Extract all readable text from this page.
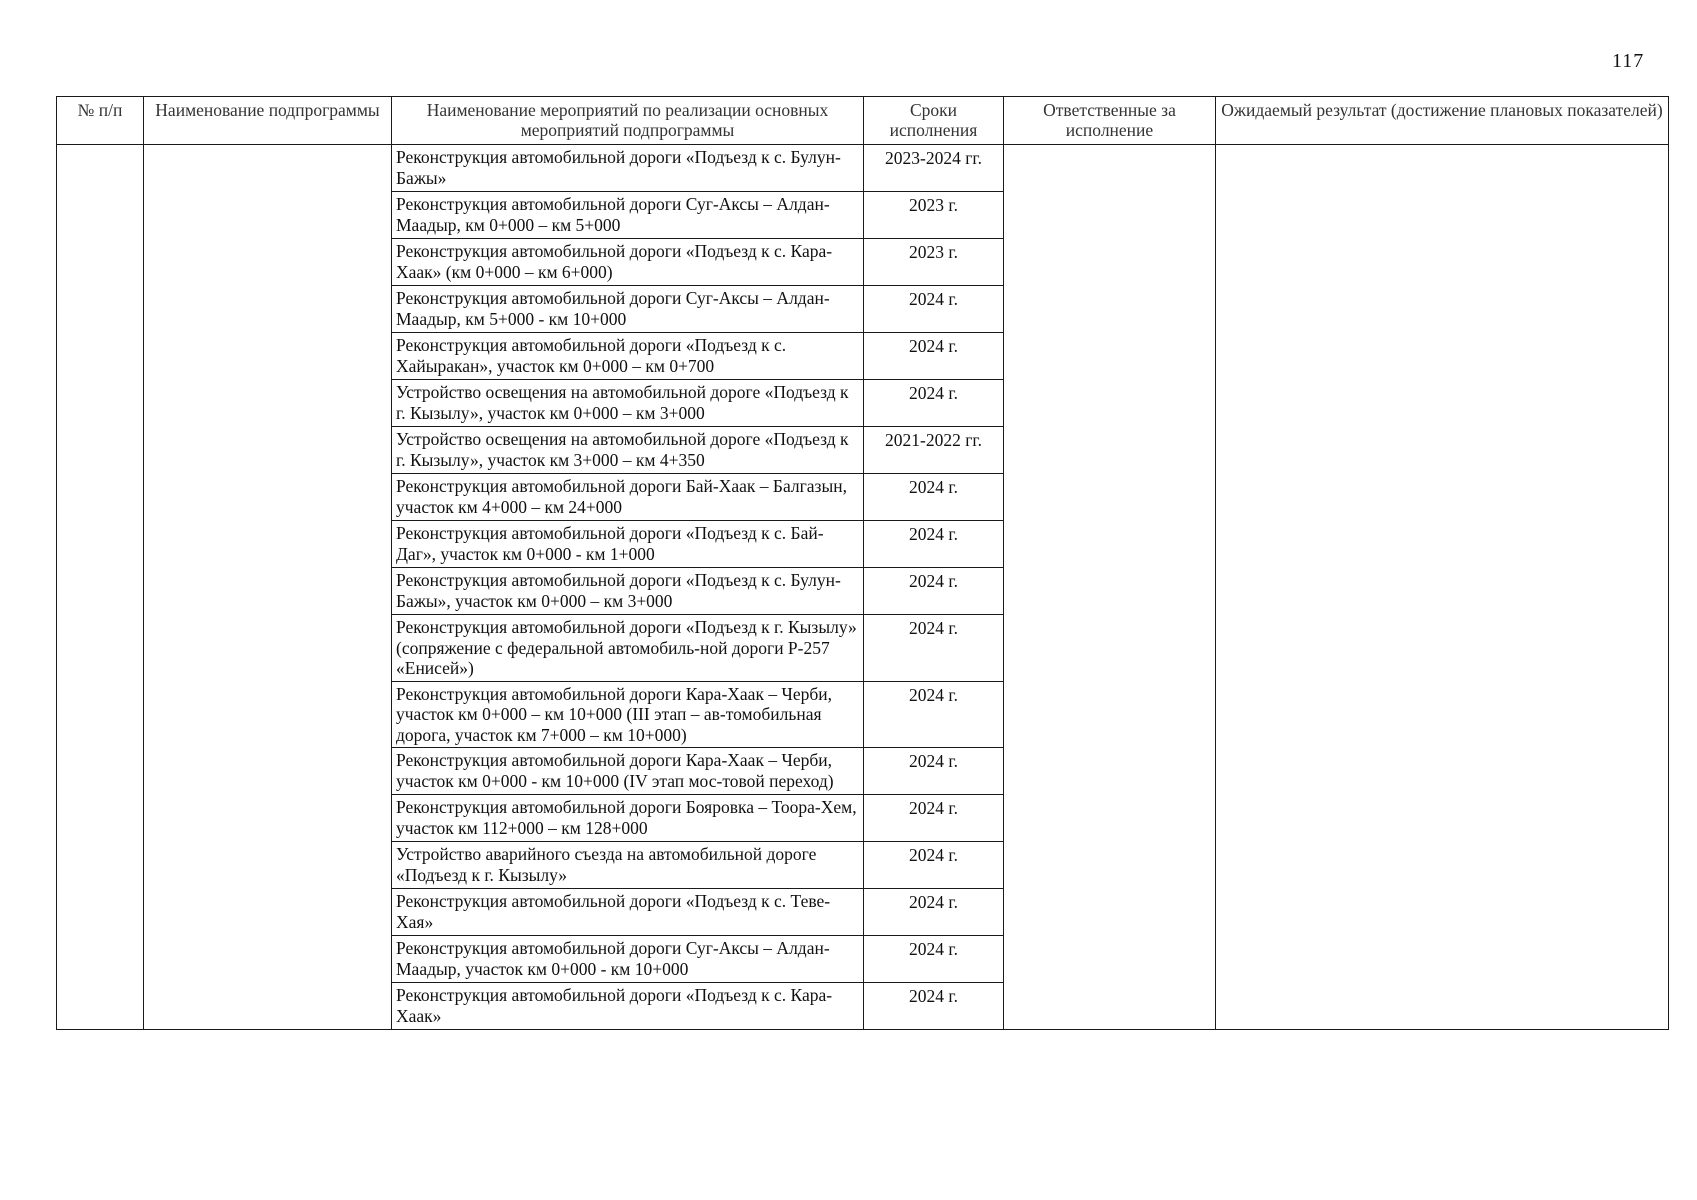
117
№ п/п	Наименование подпрограммы	Наименование мероприятий по реализации основных мероприятий подпрограммы	Сроки исполнения	Ответственные за исполнение	Ожидаемый результат (достижение плановых показателей)
		Реконструкция автомобильной дороги «Подъезд к с. Булун-Бажы»	2023-2024 гг.		
		Реконструкция автомобильной дороги Суг-Аксы – Алдан-Маадыр, км 0+000 – км 5+000	2023 г.		
		Реконструкция автомобильной дороги «Подъезд к с. Кара-Хаак» (км 0+000 – км 6+000)	2023 г.		
		Реконструкция автомобильной дороги Суг-Аксы – Алдан-Маадыр, км 5+000 - км 10+000	2024 г.		
		Реконструкция автомобильной дороги «Подъезд к с. Хайыракан», участок км 0+000 – км 0+700	2024 г.		
		Устройство освещения на автомобильной дороге «Подъезд к г. Кызылу», участок км 0+000 – км 3+000	2024 г.		
		Устройство освещения на автомобильной дороге «Подъезд к г. Кызылу», участок км 3+000 – км 4+350	2021-2022 гг.		
		Реконструкция автомобильной дороги Бай-Хаак – Балгазын, участок км 4+000 – км 24+000	2024 г.		
		Реконструкция автомобильной дороги «Подъезд к с. Бай-Даг», участок км 0+000 - км 1+000	2024 г.		
		Реконструкция автомобильной дороги «Подъезд к с. Булун-Бажы», участок км 0+000 – км 3+000	2024 г.		
		Реконструкция автомобильной дороги «Подъезд к г. Кызылу» (сопряжение с федеральной автомобиль-ной дороги Р-257 «Енисей»)	2024 г.		
		Реконструкция автомобильной дороги Кара-Хаак – Черби, участок км 0+000 – км 10+000 (III этап – ав-томобильная дорога, участок км 7+000 – км 10+000)	2024 г.		
		Реконструкция автомобильной дороги Кара-Хаак – Черби, участок км 0+000 - км 10+000 (IV этап мос-товой переход)	2024 г.		
		Реконструкция автомобильной дороги Бояровка – Тоора-Хем, участок км 112+000 – км 128+000	2024 г.		
		Устройство аварийного съезда на автомобильной дороге «Подъезд к г. Кызылу»	2024 г.		
		Реконструкция автомобильной дороги «Подъезд к с. Теве-Хая»	2024 г.		
		Реконструкция автомобильной дороги Суг-Аксы – Алдан-Маадыр, участок км 0+000 - км 10+000	2024 г.		
		Реконструкция автомобильной дороги «Подъезд к с. Кара-Хаак»	2024 г.		
